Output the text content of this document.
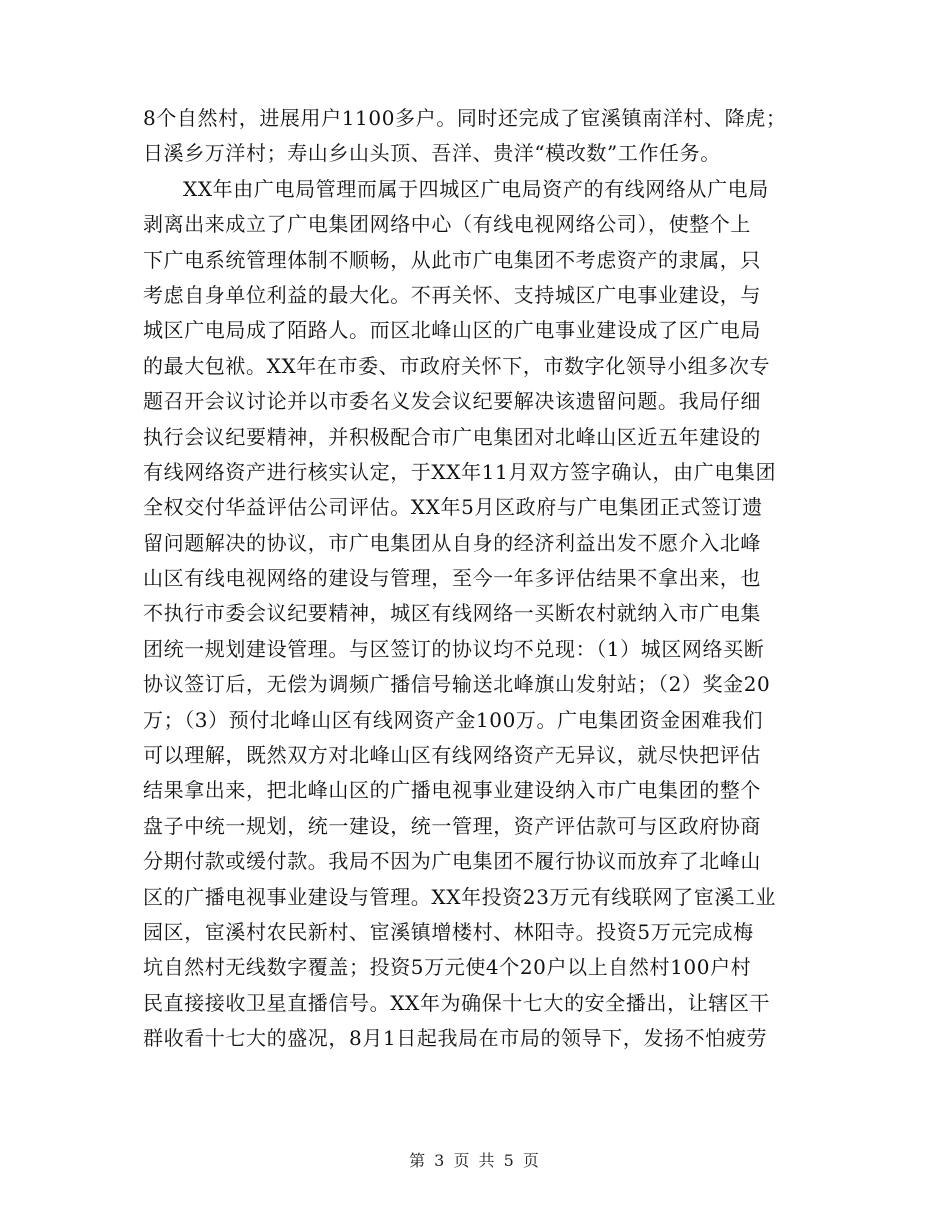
8个自然村，进展用户1100多户。同时还完成了宦溪镇南洋村、降虎；
日溪乡万洋村；寿山乡山头顶、吾洋、贵洋“模改数”工作任务。
XX年由广电局管理而属于四城区广电局资产的有线网络从广电局
剥离出来成立了广电集团网络中心（有线电视网络公司），使整个上
下广电系统管理体制不顺畅，从此市广电集团不考虑资产的隶属，只
考虑自身单位利益的最大化。不再关怀、支持城区广电事业建设，与
城区广电局成了陌路人。而区北峰山区的广电事业建设成了区广电局
的最大包袱。XX年在市委、市政府关怀下，市数字化领导小组多次专
题召开会议讨论并以市委名义发会议纪要解决该遗留问题。我局仔细
执行会议纪要精神，并积极配合市广电集团对北峰山区近五年建设的
有线网络资产进行核实认定，于XX年11月双方签字确认，由广电集团
全权交付华益评估公司评估。XX年5月区政府与广电集团正式签订遗
留问题解决的协议，市广电集团从自身的经济利益出发不愿介入北峰
山区有线电视网络的建设与管理，至今一年多评估结果不拿出来，也
不执行市委会议纪要精神，城区有线网络一买断农村就纳入市广电集
团统一规划建设管理。与区签订的协议均不兑现：（1）城区网络买断
协议签订后，无偿为调频广播信号输送北峰旗山发射站；（2）奖金20
万；（3）预付北峰山区有线网资产金100万。广电集团资金困难我们
可以理解，既然双方对北峰山区有线网络资产无异议，就尽快把评估
结果拿出来，把北峰山区的广播电视事业建设纳入市广电集团的整个
盘子中统一规划，统一建设，统一管理，资产评估款可与区政府协商
分期付款或缓付款。我局不因为广电集团不履行协议而放弃了北峰山
区的广播电视事业建设与管理。XX年投资23万元有线联网了宦溪工业
园区，宦溪村农民新村、宦溪镇增楼村、林阳寺。投资5万元完成梅
坑自然村无线数字覆盖；投资5万元使4个20户以上自然村100户村
民直接接收卫星直播信号。XX年为确保十七大的安全播出，让辖区干
群收看十七大的盛况，8月1日起我局在市局的领导下，发扬不怕疲劳
第 3 页 共 5 页
